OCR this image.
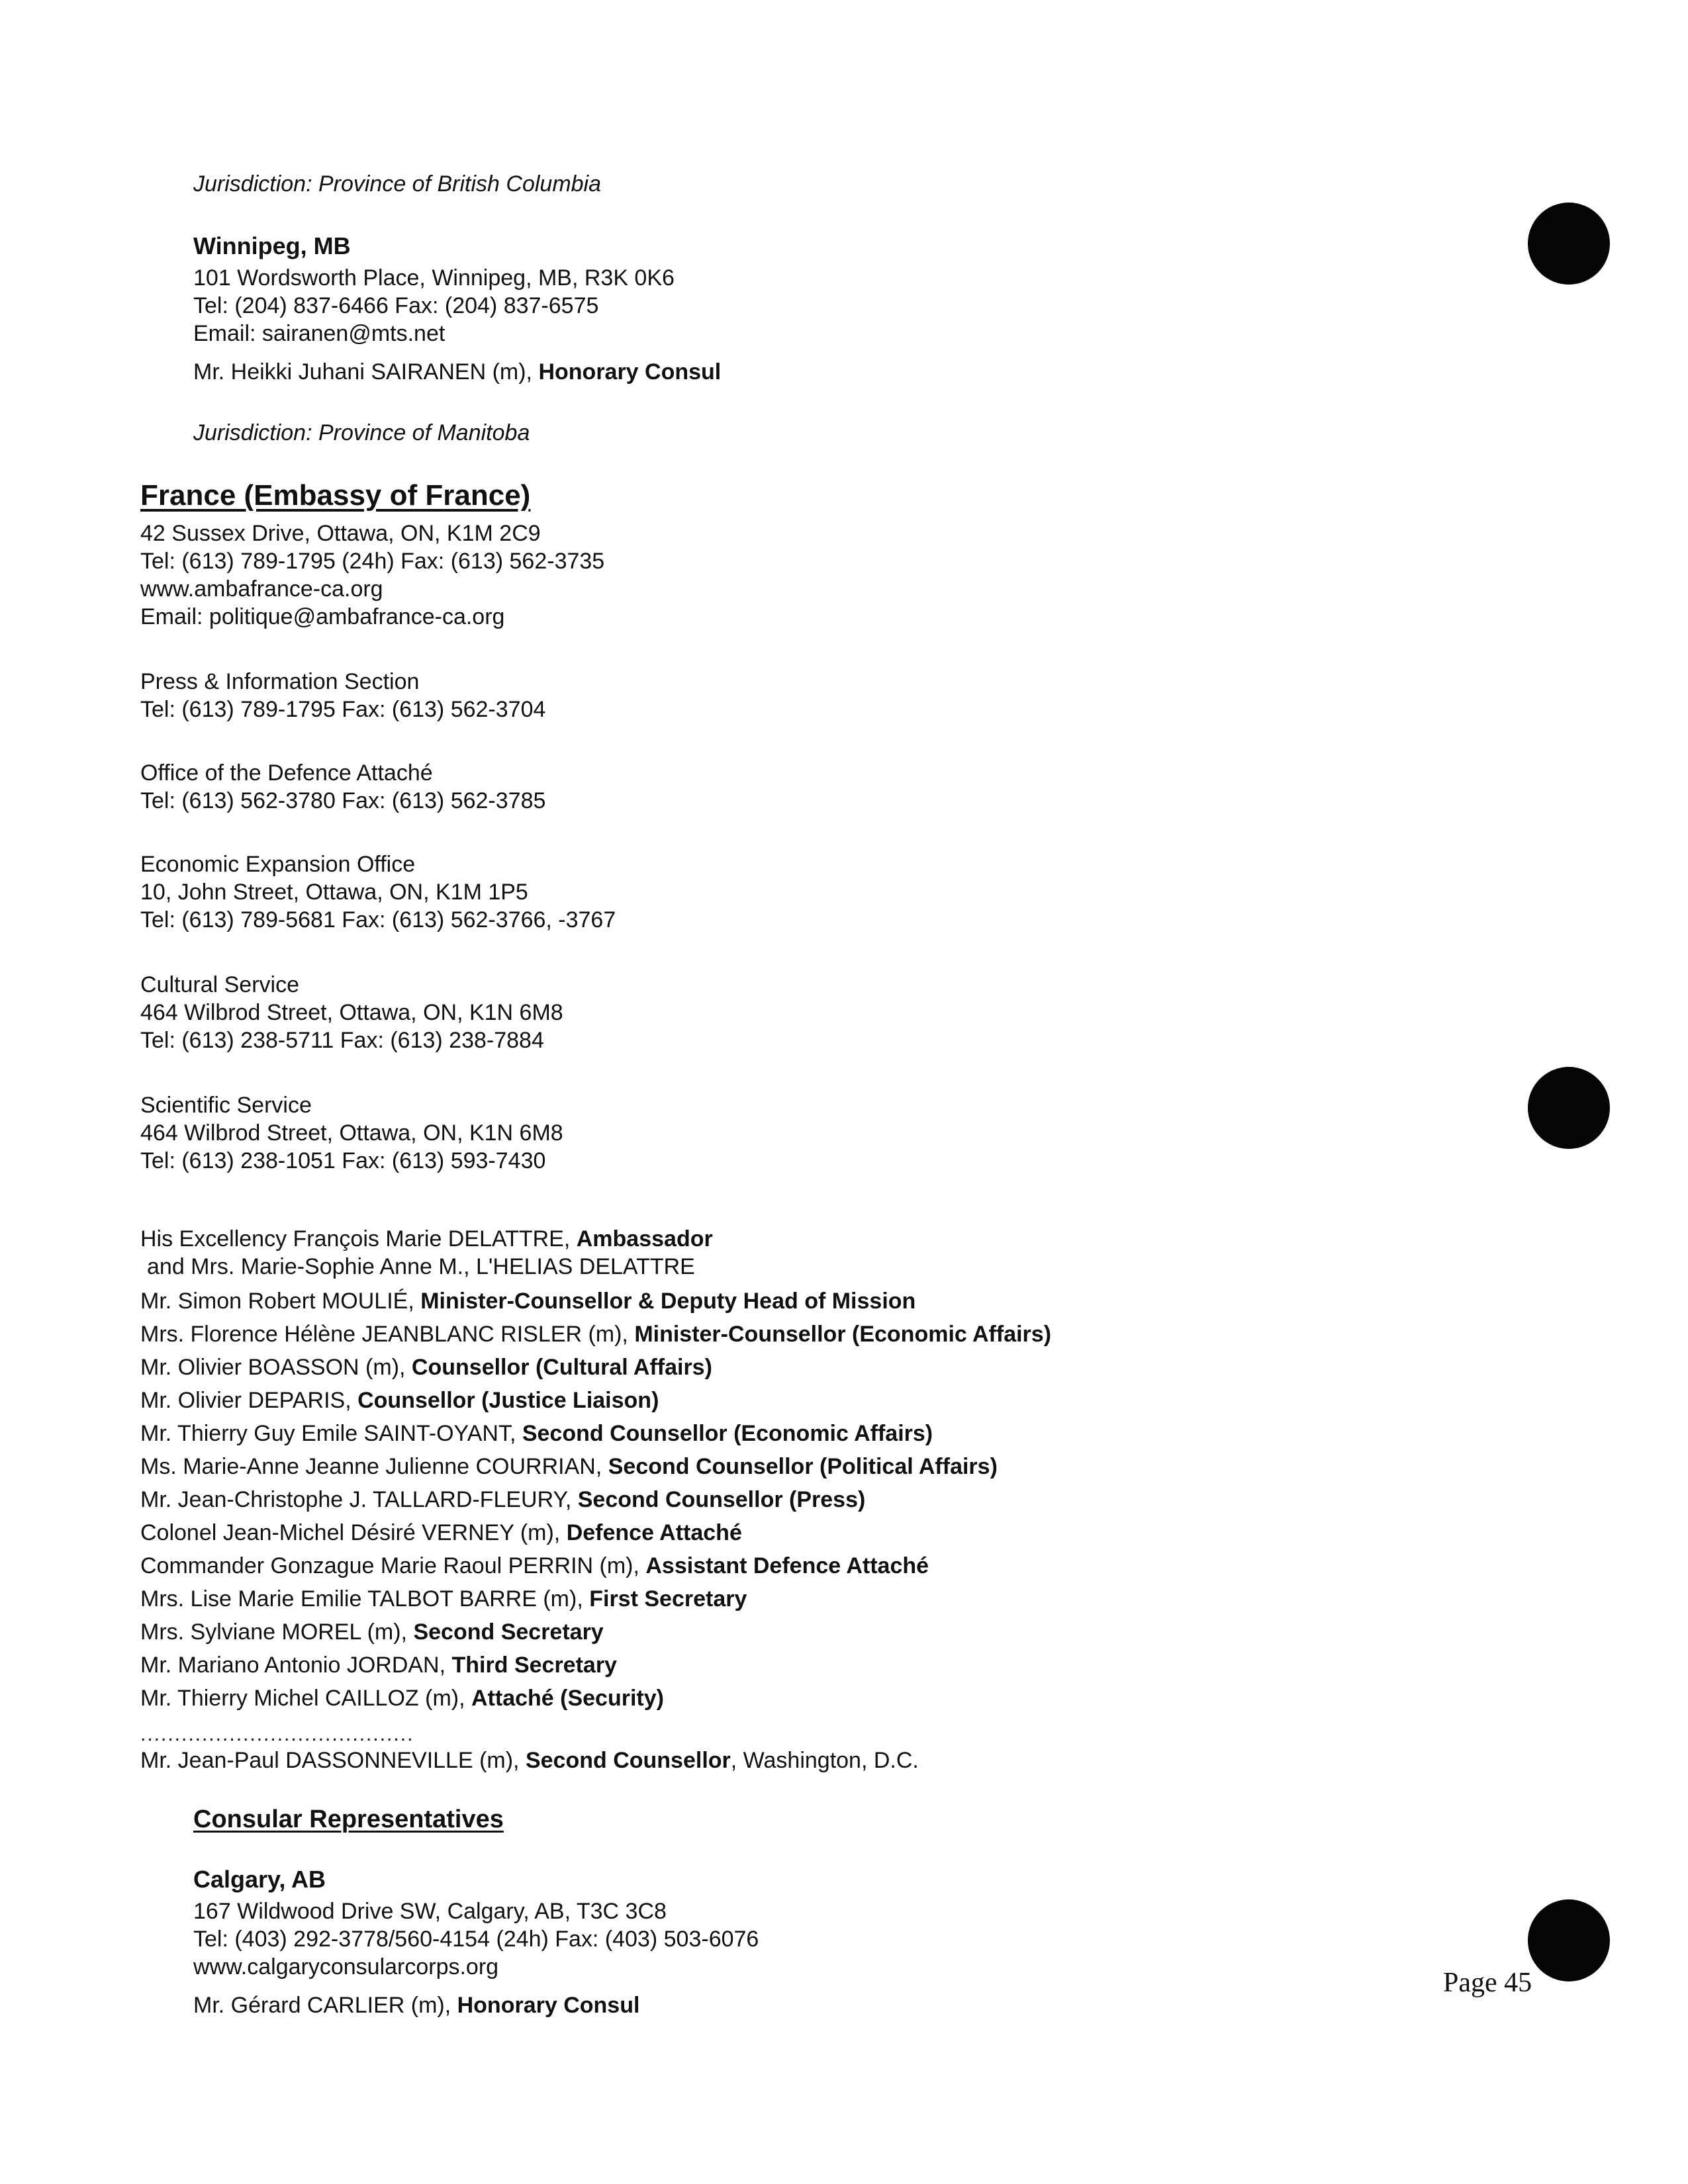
Jurisdiction: Province of British Columbia
Winnipeg, MB
101 Wordsworth Place, Winnipeg, MB, R3K 0K6
Tel: (204) 837-6466 Fax: (204) 837-6575
Email: sairanen@mts.net
Mr. Heikki Juhani SAIRANEN (m), Honorary Consul
Jurisdiction: Province of Manitoba
France (Embassy of France)
42 Sussex Drive, Ottawa, ON, K1M 2C9
Tel: (613) 789-1795 (24h) Fax: (613) 562-3735
www.ambafrance-ca.org
Email: politique@ambafrance-ca.org
Press & Information Section
Tel: (613) 789-1795 Fax: (613) 562-3704
Office of the Defence Attaché
Tel: (613) 562-3780 Fax: (613) 562-3785
Economic Expansion Office
10, John Street, Ottawa, ON, K1M 1P5
Tel: (613) 789-5681 Fax: (613) 562-3766, -3767
Cultural Service
464 Wilbrod Street, Ottawa, ON, K1N 6M8
Tel: (613) 238-5711 Fax: (613) 238-7884
Scientific Service
464 Wilbrod Street, Ottawa, ON, K1N 6M8
Tel: (613) 238-1051 Fax: (613) 593-7430
His Excellency François Marie DELATTRE, Ambassador
and Mrs. Marie-Sophie Anne M., L'HELIAS DELATTRE
Mr. Simon Robert MOULIÉ, Minister-Counsellor & Deputy Head of Mission
Mrs. Florence Hélène JEANBLANC RISLER (m), Minister-Counsellor (Economic Affairs)
Mr. Olivier BOASSON (m), Counsellor (Cultural Affairs)
Mr. Olivier DEPARIS, Counsellor (Justice Liaison)
Mr. Thierry Guy Emile SAINT-OYANT, Second Counsellor (Economic Affairs)
Ms. Marie-Anne Jeanne Julienne COURRIAN, Second Counsellor (Political Affairs)
Mr. Jean-Christophe J. TALLARD-FLEURY, Second Counsellor (Press)
Colonel Jean-Michel Désiré VERNEY (m), Defence Attaché
Commander Gonzague Marie Raoul PERRIN (m), Assistant Defence Attaché
Mrs. Lise Marie Emilie TALBOT BARRE (m), First Secretary
Mrs. Sylviane MOREL (m), Second Secretary
Mr. Mariano Antonio JORDAN, Third Secretary
Mr. Thierry Michel CAILLOZ (m), Attaché (Security)
........................................
Mr. Jean-Paul DASSONNEVILLE (m), Second Counsellor, Washington, D.C.
Consular Representatives
Calgary, AB
167 Wildwood Drive SW, Calgary, AB, T3C 3C8
Tel: (403) 292-3778/560-4154 (24h) Fax: (403) 503-6076
www.calgaryconsularcorps.org
Mr. Gérard CARLIER (m), Honorary Consul
Page 45
